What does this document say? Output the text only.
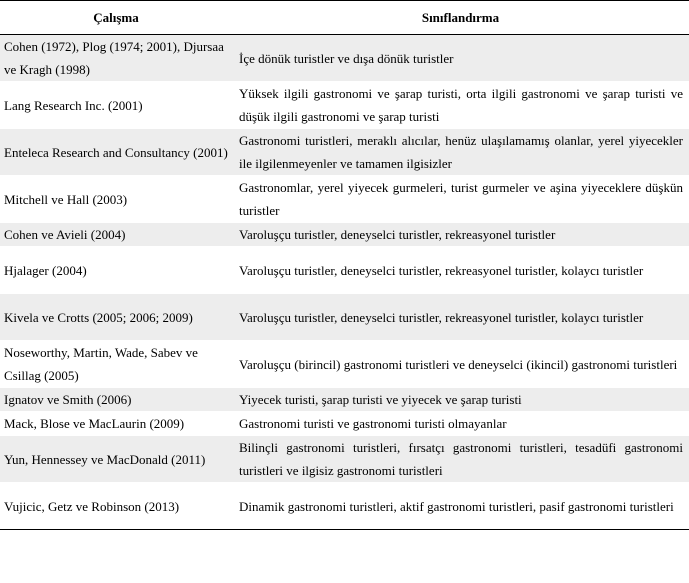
Çalışma	Sınıflandırma
Cohen (1972), Plog (1974; 2001), Djursaa ve Kragh (1998)	İçe dönük turistler ve dışa dönük turistler
Lang Research Inc. (2001)	Yüksek ilgili gastronomi ve şarap turisti, orta ilgili gastronomi ve şarap turisti ve düşük ilgili gastronomi ve şarap turisti
Enteleca Research and Consultancy (2001)	Gastronomi turistleri, meraklı alıcılar, henüz ulaşılamamış olanlar, yerel yiyecekler ile ilgilenmeyenler ve tamamen ilgisizler
Mitchell ve Hall (2003)	Gastronomlar, yerel yiyecek gurmeleri, turist gurmeler ve aşina yiyeceklere düşkün turistler
Cohen ve Avieli (2004)	Varoluşçu turistler, deneyselci turistler, rekreasyonel turistler
Hjalager (2004)	Varoluşçu turistler, deneyselci turistler, rekreasyonel turistler, kolaycı turistler
Kivela ve Crotts (2005; 2006; 2009)	Varoluşçu turistler, deneyselci turistler, rekreasyonel turistler, kolaycı turistler
Noseworthy, Martin, Wade, Sabev ve Csillag (2005)	Varoluşçu (birincil) gastronomi turistleri ve deneyselci (ikincil) gastronomi turistleri
Ignatov ve Smith (2006)	Yiyecek turisti, şarap turisti ve yiyecek ve şarap turisti
Mack, Blose ve MacLaurin (2009)	Gastronomi turisti ve gastronomi turisti olmayanlar
Yun, Hennessey ve MacDonald (2011)	Bilinçli gastronomi turistleri, fırsatçı gastronomi turistleri, tesadüfi gastronomi turistleri ve ilgisiz gastronomi turistleri
Vujicic, Getz ve Robinson (2013)	Dinamik gastronomi turistleri, aktif gastronomi turistleri, pasif gastronomi turistleri
